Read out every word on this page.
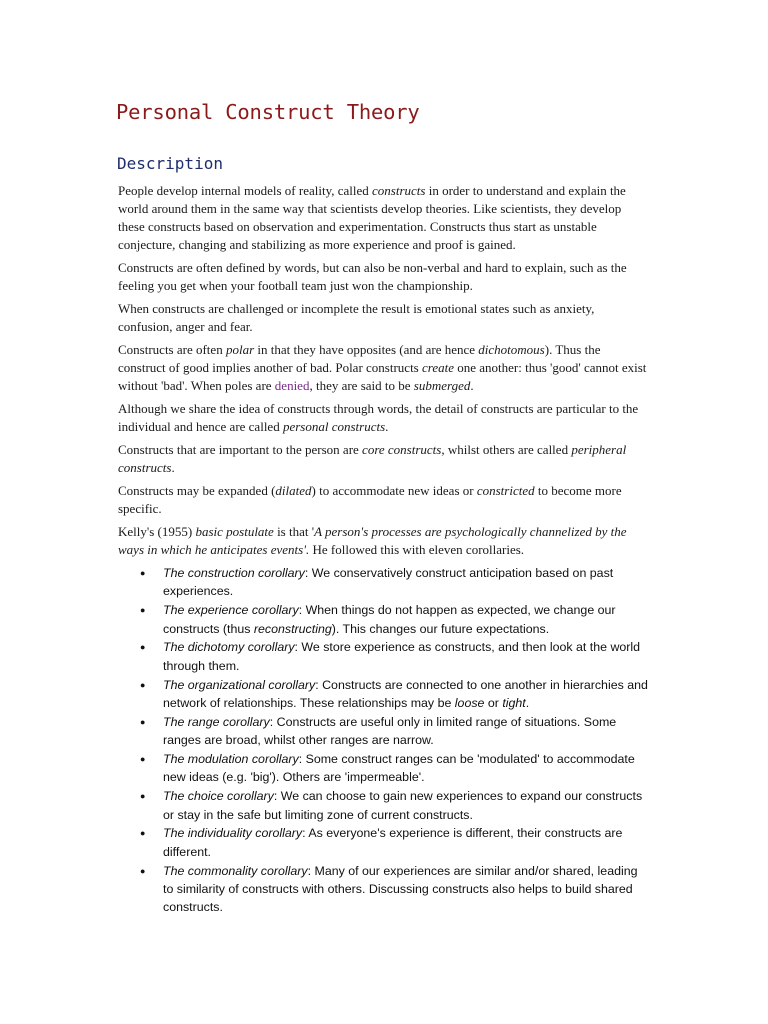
Personal Construct Theory
Description

People develop internal models of reality, called constructs in order to understand and explain the world around them in the same way that scientists develop theories. Like scientists, they develop these constructs based on observation and experimentation. Constructs thus start as unstable conjecture, changing and stabilizing as more experience and proof is gained.

Constructs are often defined by words, but can also be non-verbal and hard to explain, such as the feeling you get when your football team just won the championship.

When constructs are challenged or incomplete the result is emotional states such as anxiety, confusion, anger and fear.

Constructs are often polar in that they have opposites (and are hence dichotomous). Thus the construct of good implies another of bad. Polar constructs create one another: thus 'good' cannot exist without 'bad'. When poles are denied, they are said to be submerged.

Although we share the idea of constructs through words, the detail of constructs are particular to the individual and hence are called personal constructs.

Constructs that are important to the person are core constructs, whilst others are called peripheral constructs.

Constructs may be expanded (dilated) to accommodate new ideas or constricted to become more specific.

Kelly's (1955) basic postulate is that 'A person's processes are psychologically channelized by the ways in which he anticipates events'. He followed this with eleven corollaries.

● The construction corollary: We conservatively construct anticipation based on past experiences.
● The experience corollary: When things do not happen as expected, we change our constructs (thus reconstructing). This changes our future expectations.
● The dichotomy corollary: We store experience as constructs, and then look at the world through them.
● The organizational corollary: Constructs are connected to one another in hierarchies and network of relationships. These relationships may be loose or tight.
● The range corollary: Constructs are useful only in limited range of situations. Some ranges are broad, whilst other ranges are narrow.
● The modulation corollary: Some construct ranges can be 'modulated' to accommodate new ideas (e.g. 'big'). Others are 'impermeable'.
● The choice corollary: We can choose to gain new experiences to expand our constructs or stay in the safe but limiting zone of current constructs.
● The individuality corollary: As everyone's experience is different, their constructs are different.
● The commonality corollary: Many of our experiences are similar and/or shared, leading to similarity of constructs with others. Discussing constructs also helps to build shared constructs.
